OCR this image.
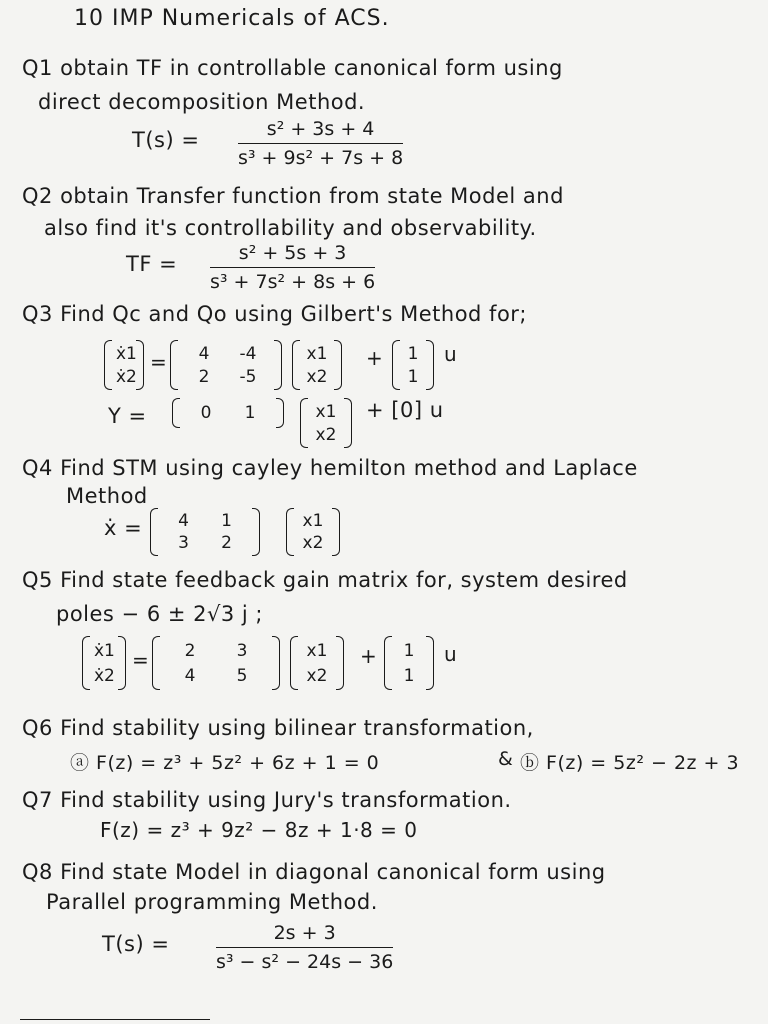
10 IMP Numericals of ACS.
Q1 obtain TF in controllable canonical form using
direct decomposition Method.
$T(s) = \frac{\text{s² + 3s + 4}}{\text{s³ + 9s² + 7s + 8}}$
Q2 obtain Transfer function from state Model and
also find it's controllability and observability.
TF = $\frac{\text{s² + 5s + 3}}{\text{s³ + 7s² + 8s + 6}}$
Q3 Find Qc and Qo using Gilbert's Method for;
ẋ1
ẋ2
= 4 -4
2 -5
x1
x2
+ 1
1
u
Y =	0 1	x1
x2
+ [0] u
Q4 Find STM using cayley hemilton method and Laplace
Method
ẋ = 4 1
3 2
x1
x2
Q5 Find state feedback gain matrix for, system desired
poles − 6 ± 2√3 j ;
ẋ1
ẋ2
= 2 3
4 5
x1
x2
+ 1
1
u
Q6 Find stability using bilinear transformation,
ⓐ F(z) = z³ + 5z² + 6z + 1 = 0	& ⓑ F(z) = 5z² − 2z + 3
Q7 Find stability using Jury's transformation.
F(z) = z³ + 9z² − 8z + 1·8 = 0
Q8 Find state Model in diagonal canonical form using
Parallel programming Method.
$T(s) = \frac{2s + 3}{\text{s³ − s² − 24s − 36}}$
